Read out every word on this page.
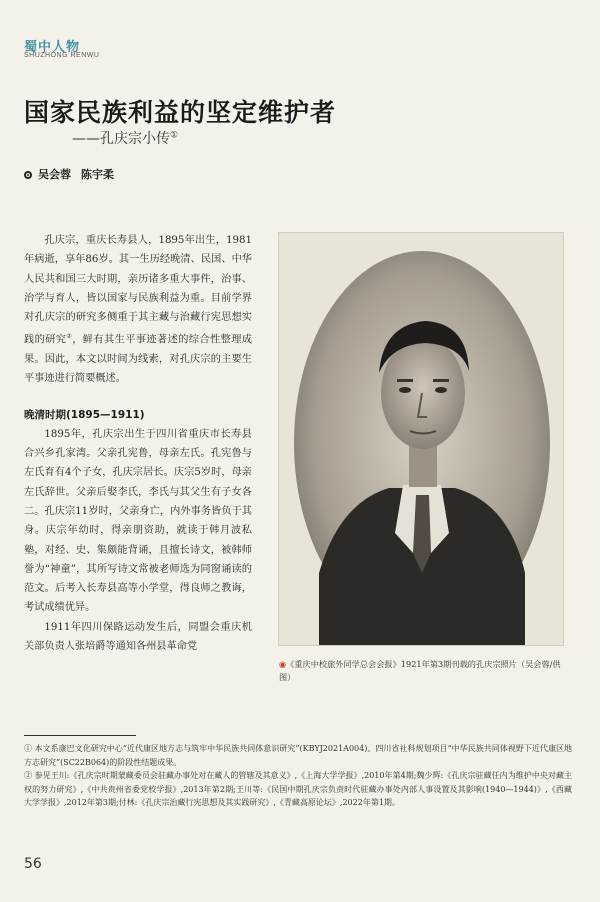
蜀中人物
SHUZHONG RENWU
国家民族利益的坚定维护者
——孔庆宗小传①
吴会蓉 陈宇柔

孔庆宗，重庆长寿县人，1895年出生，1981年病逝，享年86岁。其一生历经晚清、民国、中华人民共和国三大时期，亲历诸多重大事件，治事、治学与育人，皆以国家与民族利益为重。目前学界对孔庆宗的研究多侧重于其主藏与治藏行宪思想实践的研究②，鲜有其生平事迹著述的综合性整理成果。因此，本文以时间为线索，对孔庆宗的主要生平事迹进行简要概述。

晚清时期(1895—1911)

1895年，孔庆宗出生于四川省重庆市长寿县合兴乡孔家湾。父亲孔宪鲁，母亲左氏。孔宪鲁与左氏育有4个子女，孔庆宗居长。庆宗5岁时，母亲左氏辞世。父亲后娶李氏，李氏与其父生有子女各二。孔庆宗11岁时，父亲身亡，内外事务皆负于其身。庆宗年幼时，得亲朋资助，就读于韩月波私塾，对经、史、集颇能背诵，且擅长诗文，被韩师誉为“神童”，其所写诗文常被老师选为同窗诵读的范文。后考入长寿县高等小学堂，得良师之教诲，考试成绩优异。

1911年四川保路运动发生后，同盟会重庆机关部负责人张培爵等通知各州县革命党

◉《重庆中校旅外同学总会会报》1921年第3期刊载的孔庆宗照片（吴会蓉/供图）

① 本文系康巴文化研究中心“近代康区地方志与筑牢中华民族共同体意识研究”(KBYJ2021A004)、四川省社科规划项目“中华民族共同体视野下近代康区地方志研究”(SC22B064)的阶段性结题成果。

② 参见王川:《孔庆宗时期蒙藏委员会驻藏办事处对在藏人的管辖及其意义》,《上海大学学报》,2010年第4期;魏少辉:《孔庆宗驻藏任内为维护中央对藏主权的努力研究》,《中共贵州省委党校学报》,2013年第2期;王川等:《民国中期孔庆宗负责时代驻藏办事处内部人事设置及其影响(1940—1944)》,《西藏大学学报》,2012年第3期;付林:《孔庆宗治藏行宪思想及其实践研究》,《青藏高原论坛》,2022年第1期。

56
